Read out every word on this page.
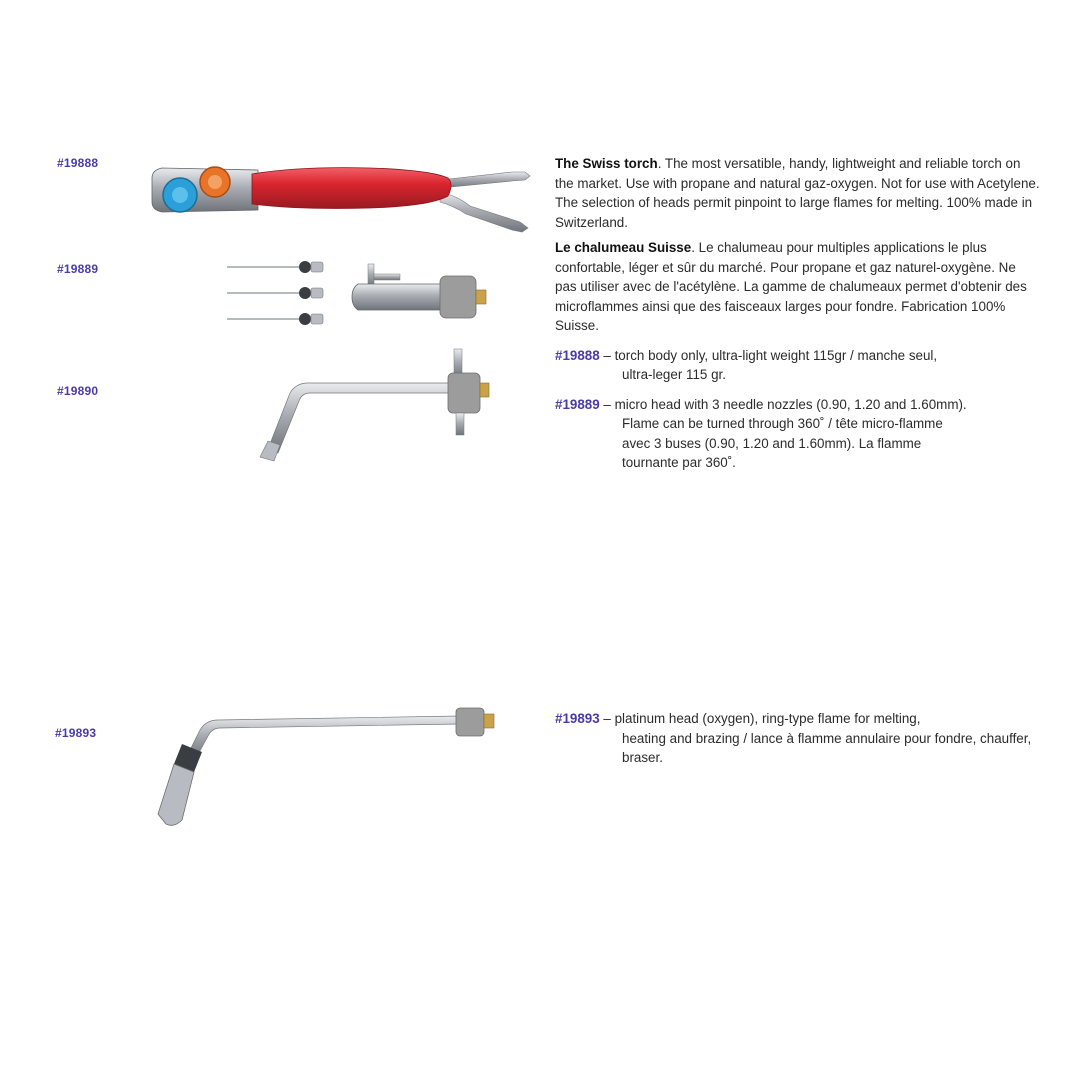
#19888
#19889
#19890
#19893

The Swiss torch. The most versatible, handy, lightweight and reliable torch on the market. Use with propane and natural gaz-oxygen. Not for use with Acetylene. The selection of heads permit pinpoint to large flames for melting. 100% made in Switzerland.

Le chalumeau Suisse. Le chalumeau pour multiples applications le plus confortable, léger et sûr du marché. Pour propane et gaz naturel-oxygène. Ne pas utiliser avec de l'acétylène. La gamme de chalumeaux permet d'obtenir des microflammes ainsi que des faisceaux larges pour fondre. Fabrication 100% Suisse.

#19888 – torch body only, ultra-light weight 115gr / manche seul,
ultra-leger 115 gr.
#19889 – micro head with 3 needle nozzles (0.90, 1.20 and 1.60mm).
Flame can be turned through 360˚ / tête micro-flamme avec 3 buses (0.90, 1.20 and 1.60mm). La flamme tournante par 360˚.

#19893 – platinum head (oxygen), ring-type flame for melting,
heating and brazing / lance à flamme annulaire pour fondre, chauffer, braser.
